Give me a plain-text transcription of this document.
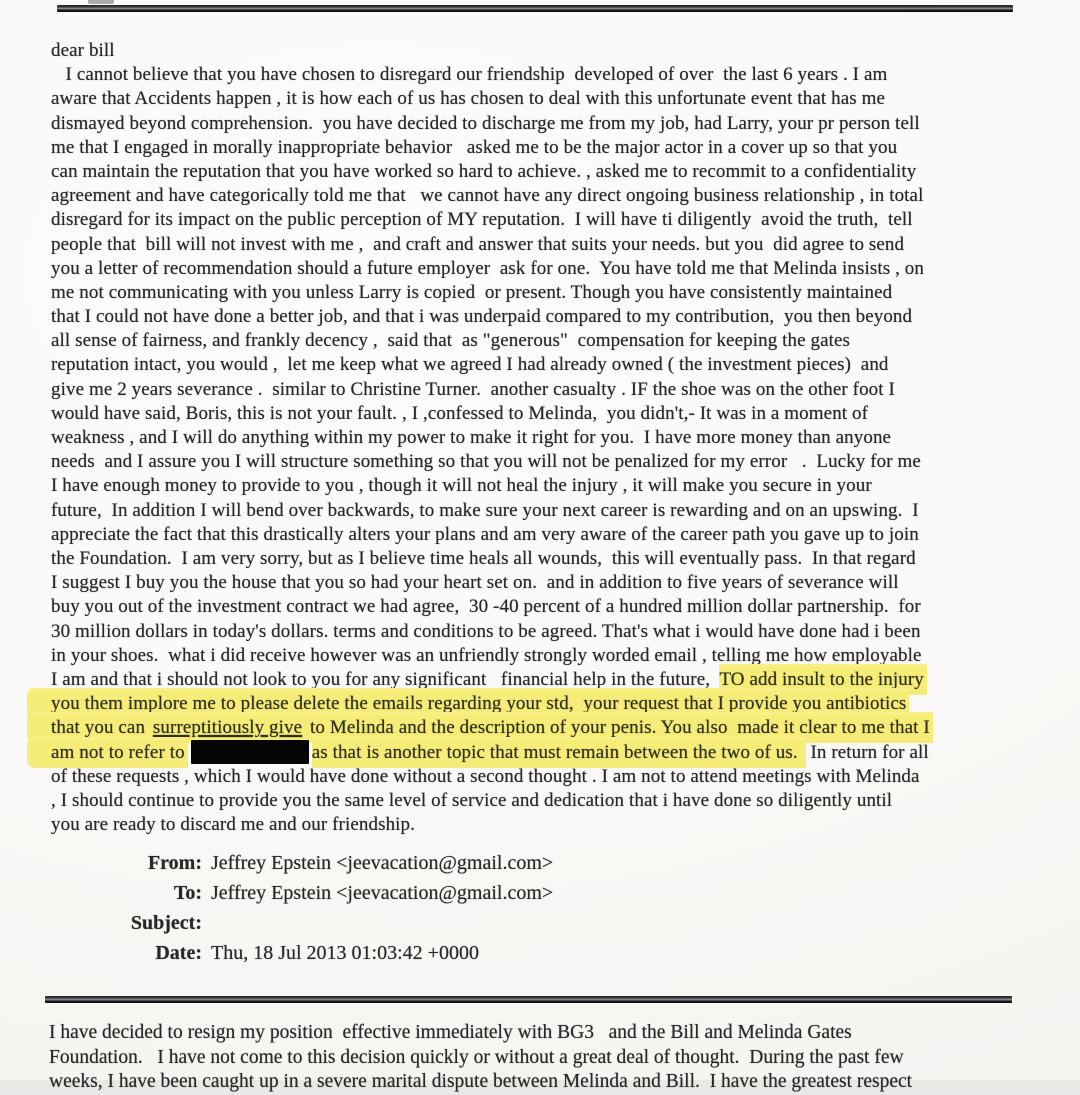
dear bill
I cannot believe that you have chosen to disregard our friendship  developed of over  the last 6 years . I am
aware that Accidents happen , it is how each of us has chosen to deal with this unfortunate event that has me
dismayed beyond comprehension.  you have decided to discharge me from my job, had Larry, your pr person tell
me that I engaged in morally inappropriate behavior   asked me to be the major actor in a cover up so that you
can maintain the reputation that you have worked so hard to achieve. , asked me to recommit to a confidentiality
agreement and have categorically told me that   we cannot have any direct ongoing business relationship , in total
disregard for its impact on the public perception of MY reputation.  I will have ti diligently  avoid the truth,  tell
people that  bill will not invest with me ,  and craft and answer that suits your needs. but you  did agree to send
you a letter of recommendation should a future employer  ask for one.  You have told me that Melinda insists , on
me not communicating with you unless Larry is copied  or present. Though you have consistently maintained
that I could not have done a better job, and that i was underpaid compared to my contribution,  you then beyond
all sense of fairness, and frankly decency ,  said that  as "generous"  compensation for keeping the gates
reputation intact, you would ,  let me keep what we agreed I had already owned ( the investment pieces)  and
give me 2 years severance .  similar to Christine Turner.  another casualty . IF the shoe was on the other foot I
would have said, Boris, this is not your fault. , I ,confessed to Melinda,  you didn't,- It was in a moment of
weakness , and I will do anything within my power to make it right for you.  I have more money than anyone
needs  and I assure you I will structure something so that you will not be penalized for my error   .  Lucky for me
I have enough money to provide to you , though it will not heal the injury , it will make you secure in your
future,  In addition I will bend over backwards, to make sure your next career is rewarding and on an upswing.  I
appreciate the fact that this drastically alters your plans and am very aware of the career path you gave up to join
the Foundation.  I am very sorry, but as I believe time heals all wounds,  this will eventually pass.  In that regard
I suggest I buy you the house that you so had your heart set on.  and in addition to five years of severance will
buy you out of the investment contract we had agree,  30 -40 percent of a hundred million dollar partnership.  for
30 million dollars in today's dollars. terms and conditions to be agreed. That's what i would have done had i been
in your shoes.  what i did receive however was an unfriendly strongly worded email , telling me how employable
I am and that i should not look to you for any significant   financial help in the future,  TO add insult to the injury
you them implore me to please delete the emails regarding your std,  your request that I provide you antibiotics
that you can surreptitiously give to Melinda and the description of your penis. You also  made it clear to me that I
am not to refer to	as that is another topic that must remain between the two of us.  In return for all
of these requests , which I would have done without a second thought . I am not to attend meetings with Melinda
, I should continue to provide you the same level of service and dedication that i have done so diligently until
you are ready to discard me and our friendship.
From: Jeffrey Epstein <jeevacation@gmail.com>
To: Jeffrey Epstein <jeevacation@gmail.com>
Subject:
Date: Thu, 18 Jul 2013 01:03:42 +0000
I have decided to resign my position  effective immediately with BG3   and the Bill and Melinda Gates
Foundation.   I have not come to this decision quickly or without a great deal of thought.  During the past few
weeks, I have been caught up in a severe marital dispute between Melinda and Bill.  I have the greatest respect
